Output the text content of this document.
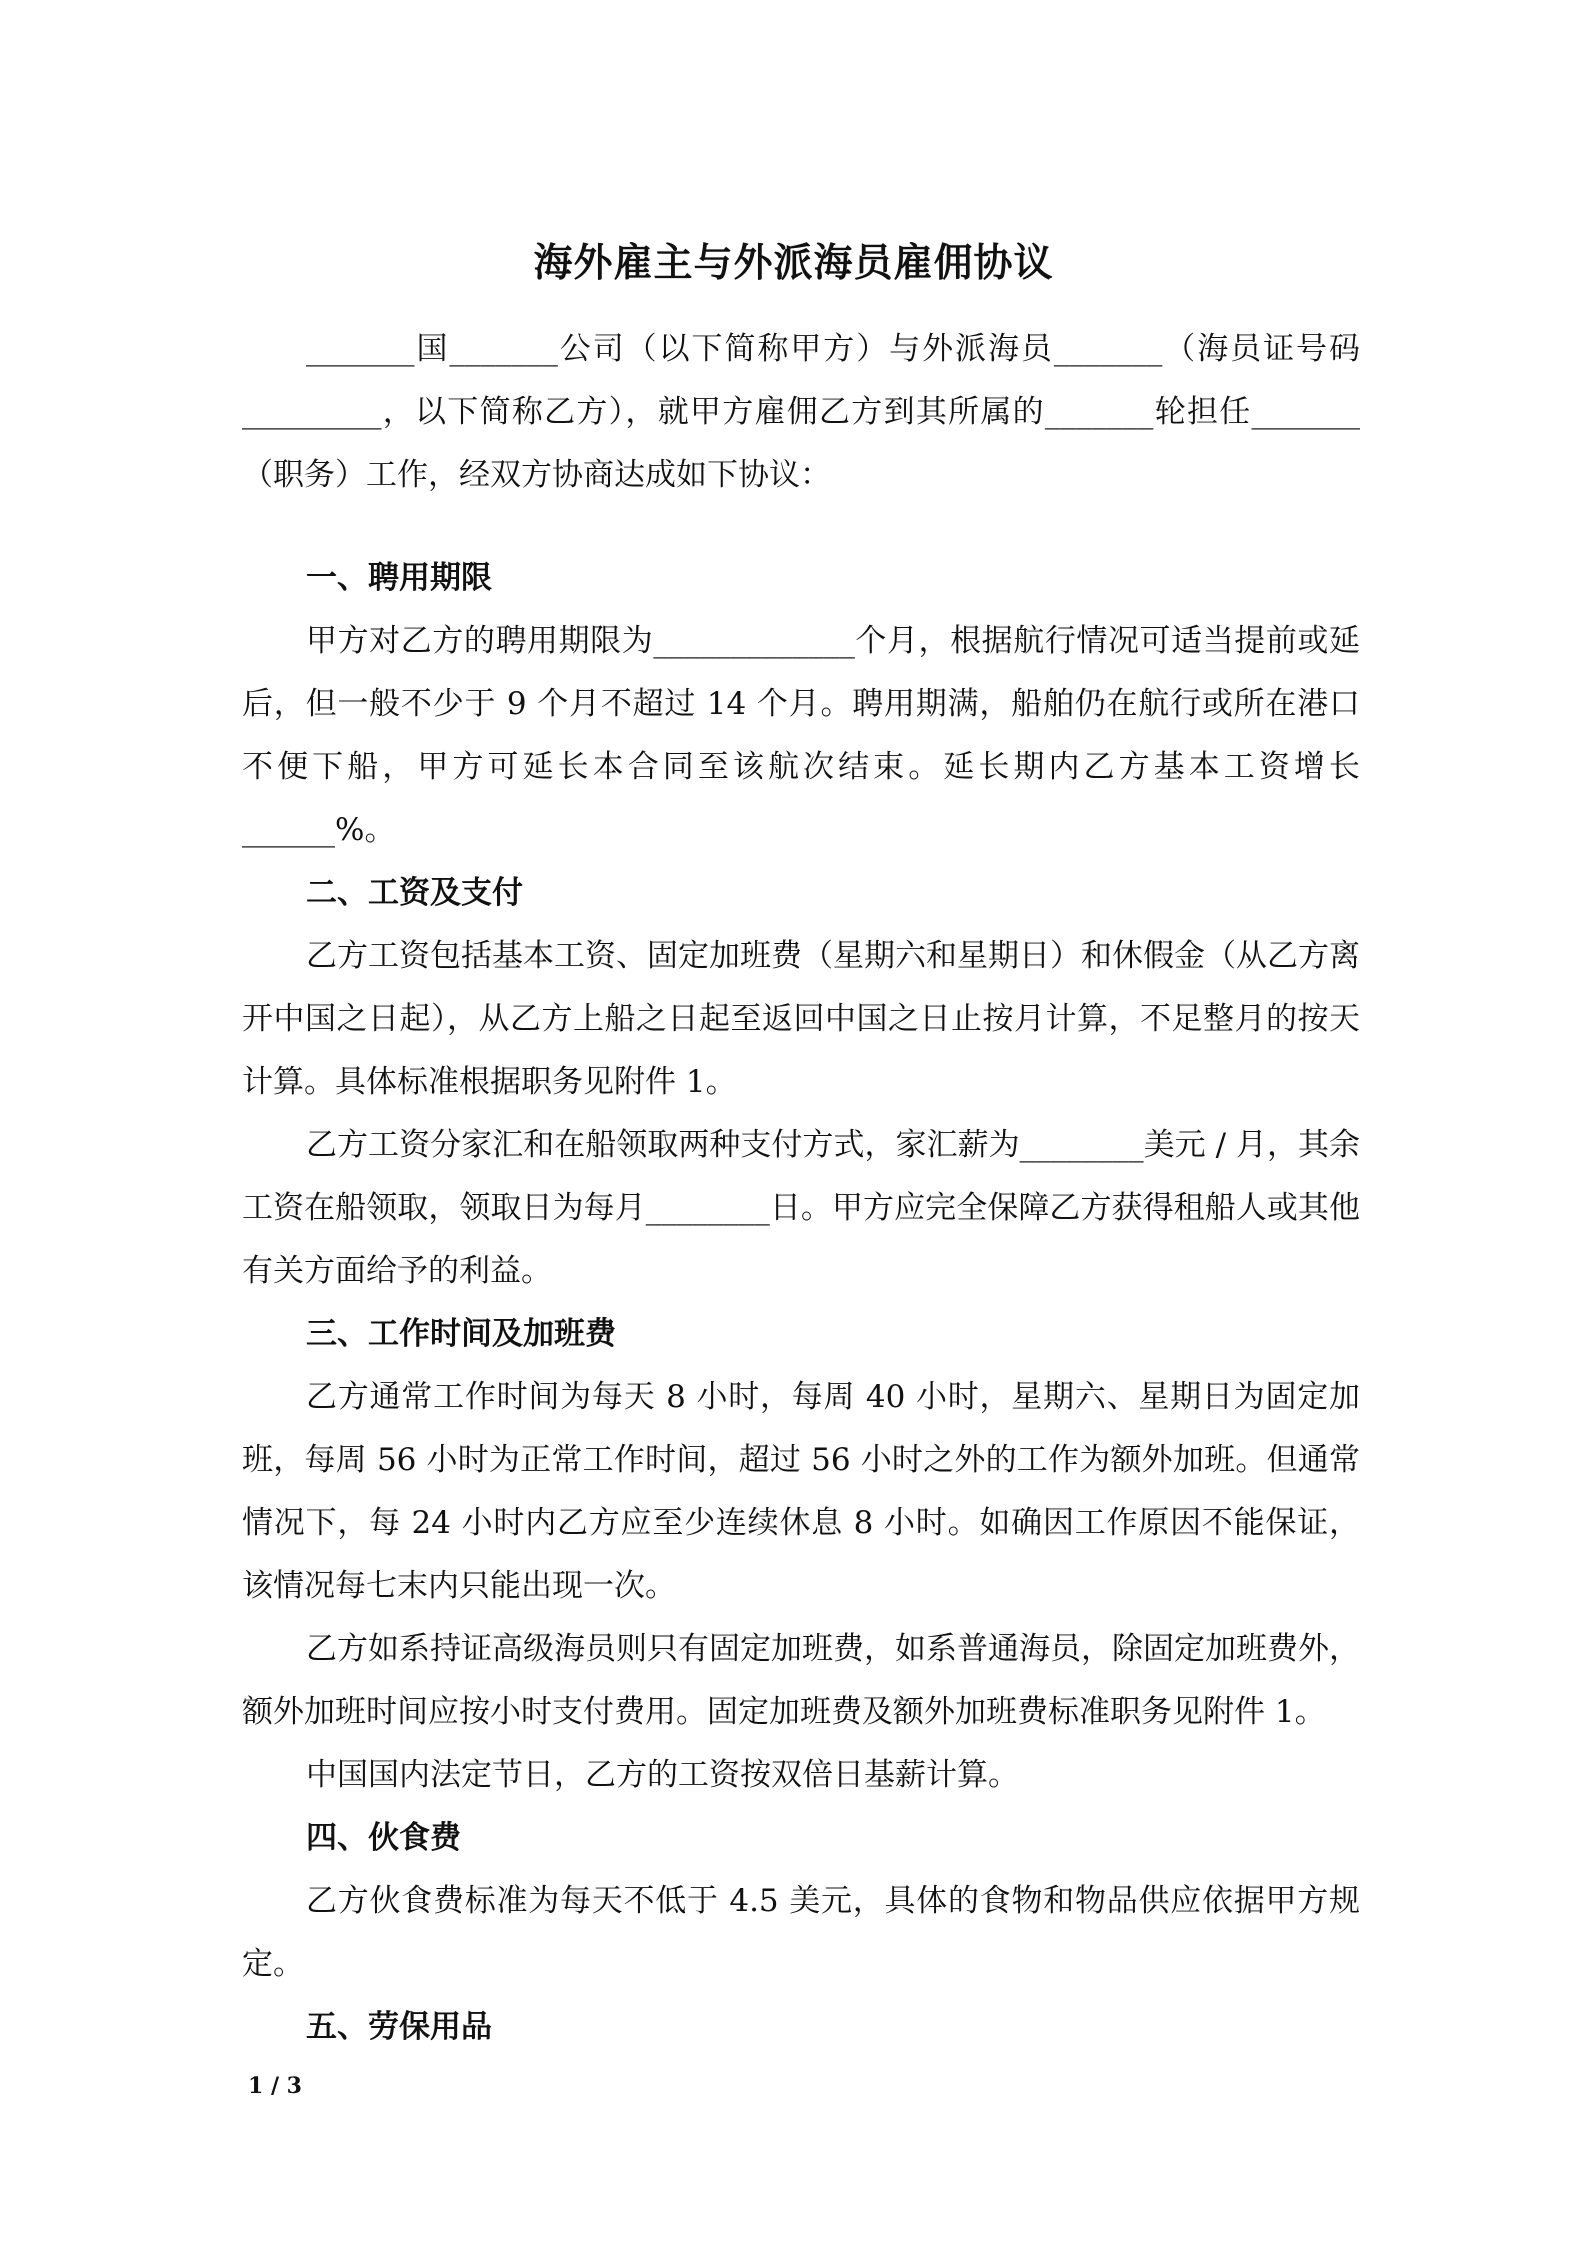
海外雇主与外派海员雇佣协议

_______国_______公司（以下简称甲方）与外派海员_______（海员证号码_________，以下简称乙方），就甲方雇佣乙方到其所属的_______轮担任_______（职务）工作，经双方协商达成如下协议：

一、聘用期限

甲方对乙方的聘用期限为_____________个月，根据航行情况可适当提前或延后，但一般不少于 9 个月不超过 14 个月。聘用期满，船舶仍在航行或所在港口不便下船，甲方可延长本合同至该航次结束。延长期内乙方基本工资增长______%。

二、工资及支付

乙方工资包括基本工资、固定加班费（星期六和星期日）和休假金（从乙方离开中国之日起），从乙方上船之日起至返回中国之日止按月计算，不足整月的按天计算。具体标准根据职务见附件 1。

乙方工资分家汇和在船领取两种支付方式，家汇薪为________美元 / 月，其余工资在船领取，领取日为每月________日。甲方应完全保障乙方获得租船人或其他有关方面给予的利益。

三、工作时间及加班费

乙方通常工作时间为每天 8 小时，每周 40 小时，星期六、星期日为固定加班，每周 56 小时为正常工作时间，超过 56 小时之外的工作为额外加班。但通常情况下，每 24 小时内乙方应至少连续休息 8 小时。如确因工作原因不能保证，该情况每七末内只能出现一次。

乙方如系持证高级海员则只有固定加班费，如系普通海员，除固定加班费外，额外加班时间应按小时支付费用。固定加班费及额外加班费标准职务见附件 1。

中国国内法定节日，乙方的工资按双倍日基薪计算。

四、伙食费

乙方伙食费标准为每天不低于 4.5 美元，具体的食物和物品供应依据甲方规定。

五、劳保用品

1 / 3
